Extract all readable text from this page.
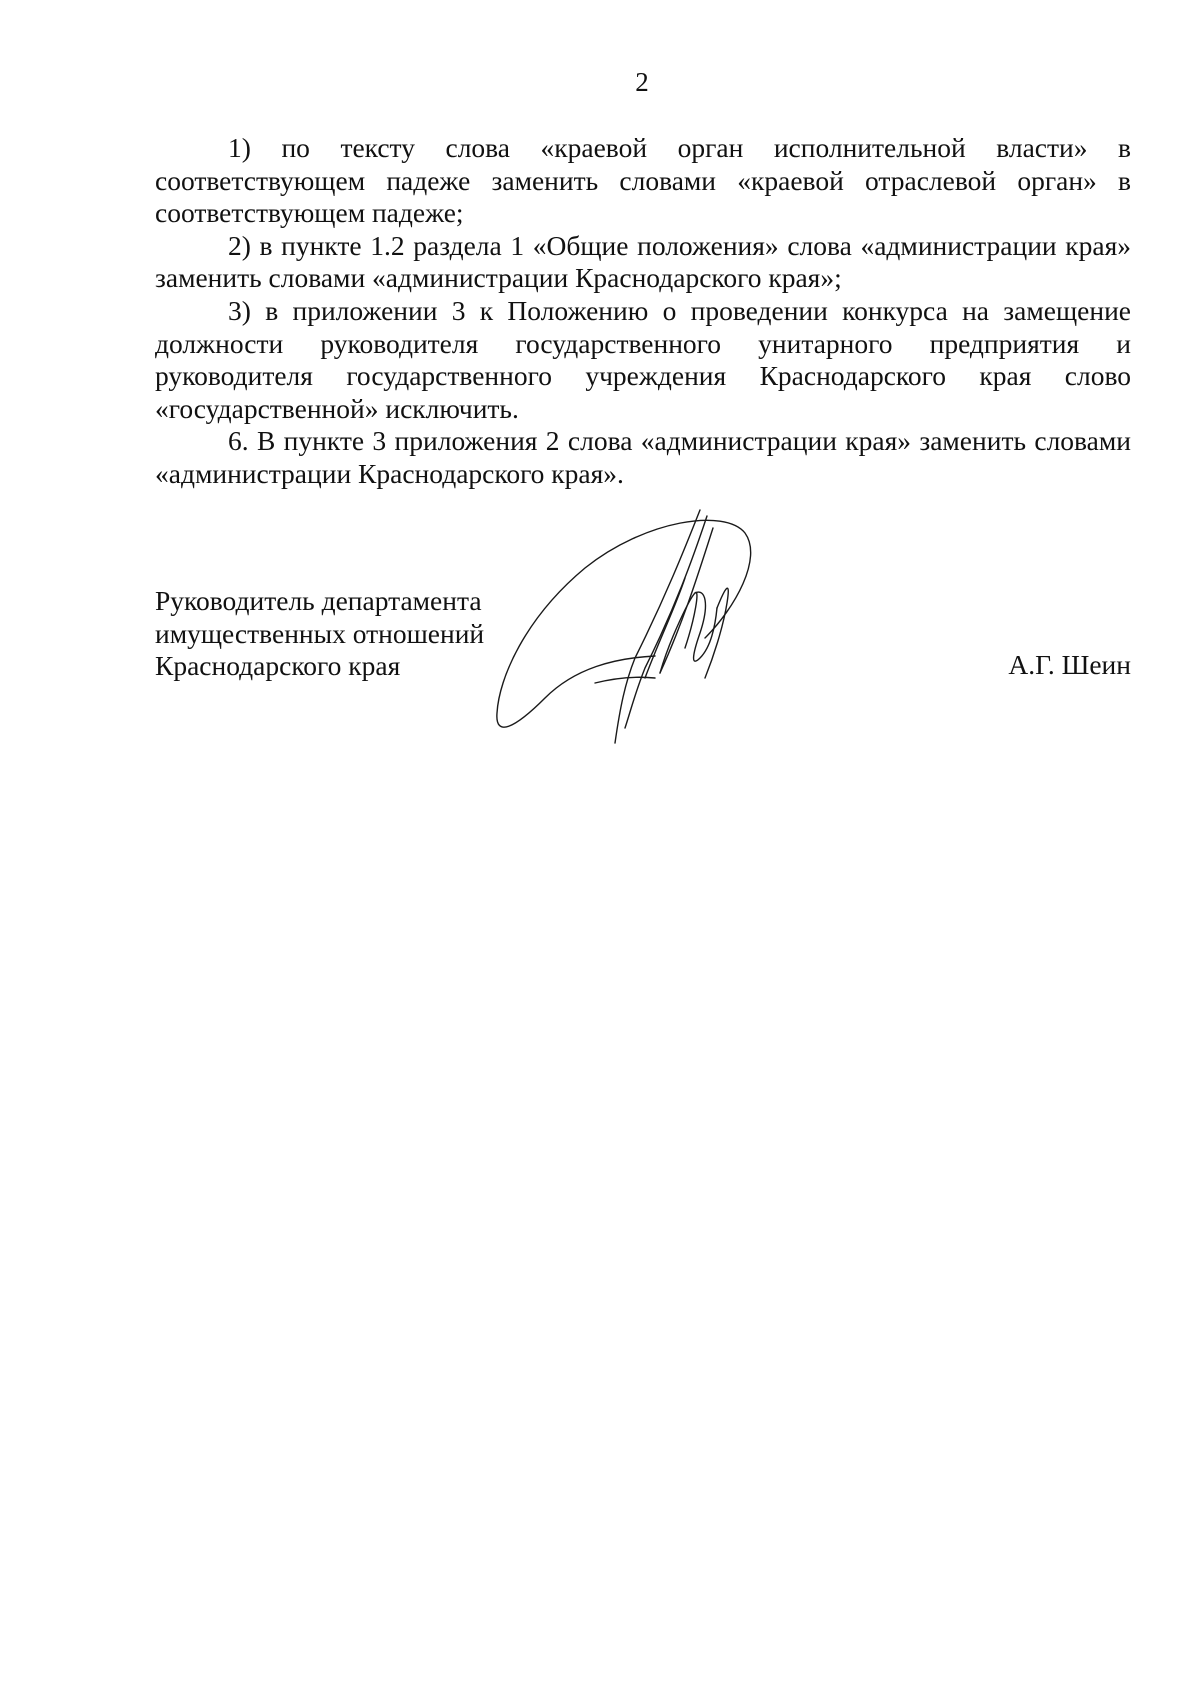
2

1) по тексту слова «краевой орган исполнительной власти» в соответствующем падеже заменить словами «краевой отраслевой орган» в соответствующем падеже;

2) в пункте 1.2 раздела 1 «Общие положения» слова «администрации края» заменить словами «администрации Краснодарского края»;

3) в приложении 3 к Положению о проведении конкурса на замещение должности руководителя государственного унитарного предприятия и руководителя государственного учреждения Краснодарского края слово «государственной» исключить.

6. В пункте 3 приложения 2 слова «администрации края» заменить словами «администрации Краснодарского края».

Руководитель департамента
имущественных отношений
Краснодарского края	А.Г. Шеин
